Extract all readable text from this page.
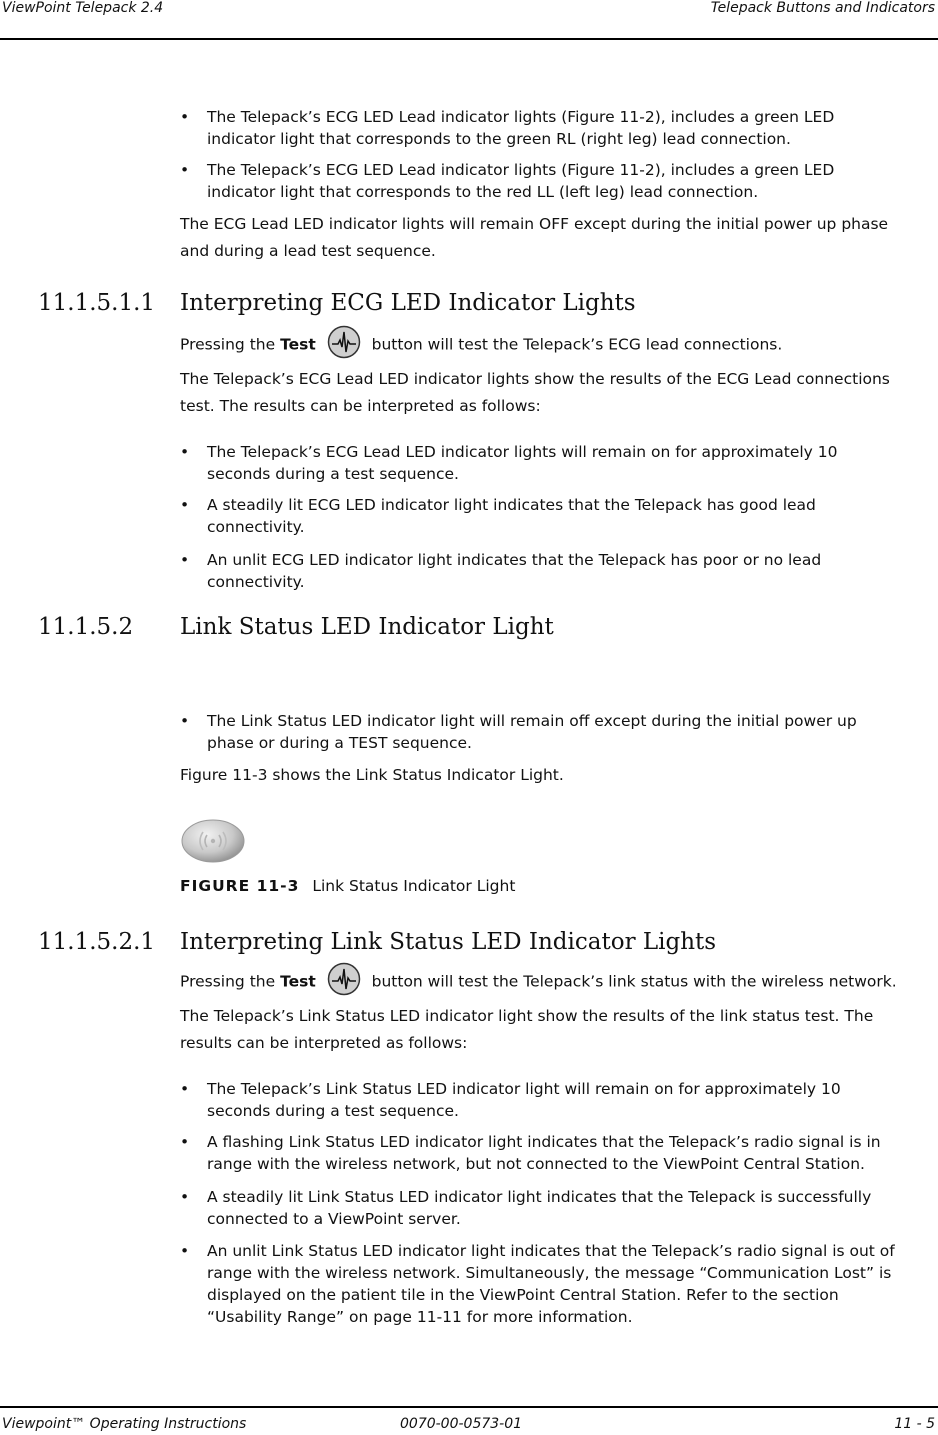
ViewPoint Telepack 2.4	Telepack Buttons and Indicators
• The Telepack’s ECG LED Lead indicator lights (Figure 11-2), includes a green LED indicator light that corresponds to the green RL (right leg) lead connection.
• The Telepack’s ECG LED Lead indicator lights (Figure 11-2), includes a green LED indicator light that corresponds to the red LL (left leg) lead connection.
The ECG Lead LED indicator lights will remain OFF except during the initial power up phase and during a lead test sequence.
11.1.5.1.1 Interpreting ECG LED Indicator Lights
Pressing the Test	button will test the Telepack’s ECG lead connections.
The Telepack’s ECG Lead LED indicator lights show the results of the ECG Lead connections test. The results can be interpreted as follows:
• The Telepack’s ECG Lead LED indicator lights will remain on for approximately 10 seconds during a test sequence.
• A steadily lit ECG LED indicator light indicates that the Telepack has good lead connectivity.
• An unlit ECG LED indicator light indicates that the Telepack has poor or no lead connectivity.
11.1.5.2 Link Status LED Indicator Light
• The Link Status LED indicator light will remain off except during the initial power up phase or during a TEST sequence.
Figure 11-3 shows the Link Status Indicator Light.
FIGURE 11-3 Link Status Indicator Light
11.1.5.2.1 Interpreting Link Status LED Indicator Lights
Pressing the Test	button will test the Telepack’s link status with the wireless network.
The Telepack’s Link Status LED indicator light show the results of the link status test. The results can be interpreted as follows:
• The Telepack’s Link Status LED indicator light will remain on for approximately 10 seconds during a test sequence.
• A flashing Link Status LED indicator light indicates that the Telepack’s radio signal is in range with the wireless network, but not connected to the ViewPoint Central Station.
• A steadily lit Link Status LED indicator light indicates that the Telepack is successfully connected to a ViewPoint server.
• An unlit Link Status LED indicator light indicates that the Telepack’s radio signal is out of range with the wireless network. Simultaneously, the message “Communication Lost” is displayed on the patient tile in the ViewPoint Central Station. Refer to the section “Usability Range” on page 11-11 for more information.
Viewpoint™ Operating Instructions	0070-00-0573-01	11 - 5
